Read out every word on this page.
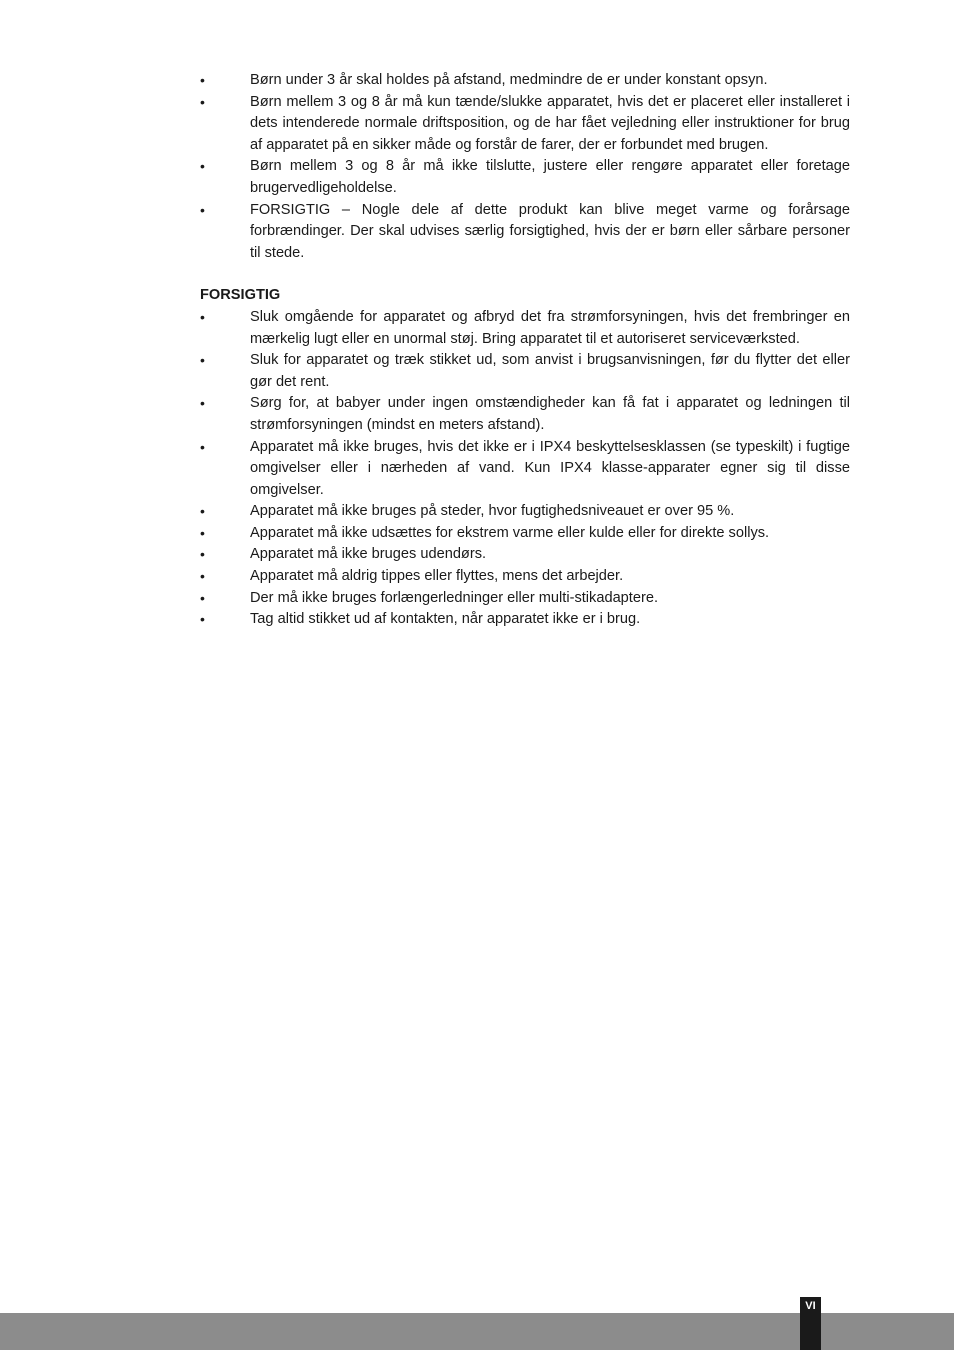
•	Børn under 3 år skal holdes på afstand, medmindre de er under konstant opsyn.
•	Børn mellem 3 og 8 år må kun tænde/slukke apparatet, hvis det er placeret eller installeret i dets intenderede normale driftsposition, og de har fået vejledning eller instruktioner for brug af apparatet på en sikker måde og forstår de farer, der er forbundet med brugen.
•	Børn mellem 3 og 8 år må ikke tilslutte, justere eller rengøre apparatet eller foretage brugervedligeholdelse.
•	FORSIGTIG – Nogle dele af dette produkt kan blive meget varme og forårsage forbrændinger. Der skal udvises særlig forsigtighed, hvis der er børn eller sårbare personer til stede.
FORSIGTIG
•	Sluk omgående for apparatet og afbryd det fra strømforsyningen, hvis det frembringer en mærkelig lugt eller en unormal støj. Bring apparatet til et autoriseret serviceværksted.
•	Sluk for apparatet og træk stikket ud, som anvist i brugsanvisningen, før du flytter det eller gør det rent.
•	Sørg for, at babyer under ingen omstændigheder kan få fat i apparatet og ledningen til strømforsyningen (mindst en meters afstand).
•	Apparatet må ikke bruges, hvis det ikke er i IPX4 beskyttelsesklassen (se typeskilt) i fugtige omgivelser eller i nærheden af vand. Kun IPX4 klasse-apparater egner sig til disse omgivelser.
•	Apparatet må ikke bruges på steder, hvor fugtighedsniveauet er over 95 %.
•	Apparatet må ikke udsættes for ekstrem varme eller kulde eller for direkte sollys.
•	Apparatet må ikke bruges udendørs.
•	Apparatet må aldrig tippes eller flyttes, mens det arbejder.
•	Der må ikke bruges forlængerledninger eller multi-stikadaptere.
•	Tag altid stikket ud af kontakten, når apparatet ikke er i brug.
VI
